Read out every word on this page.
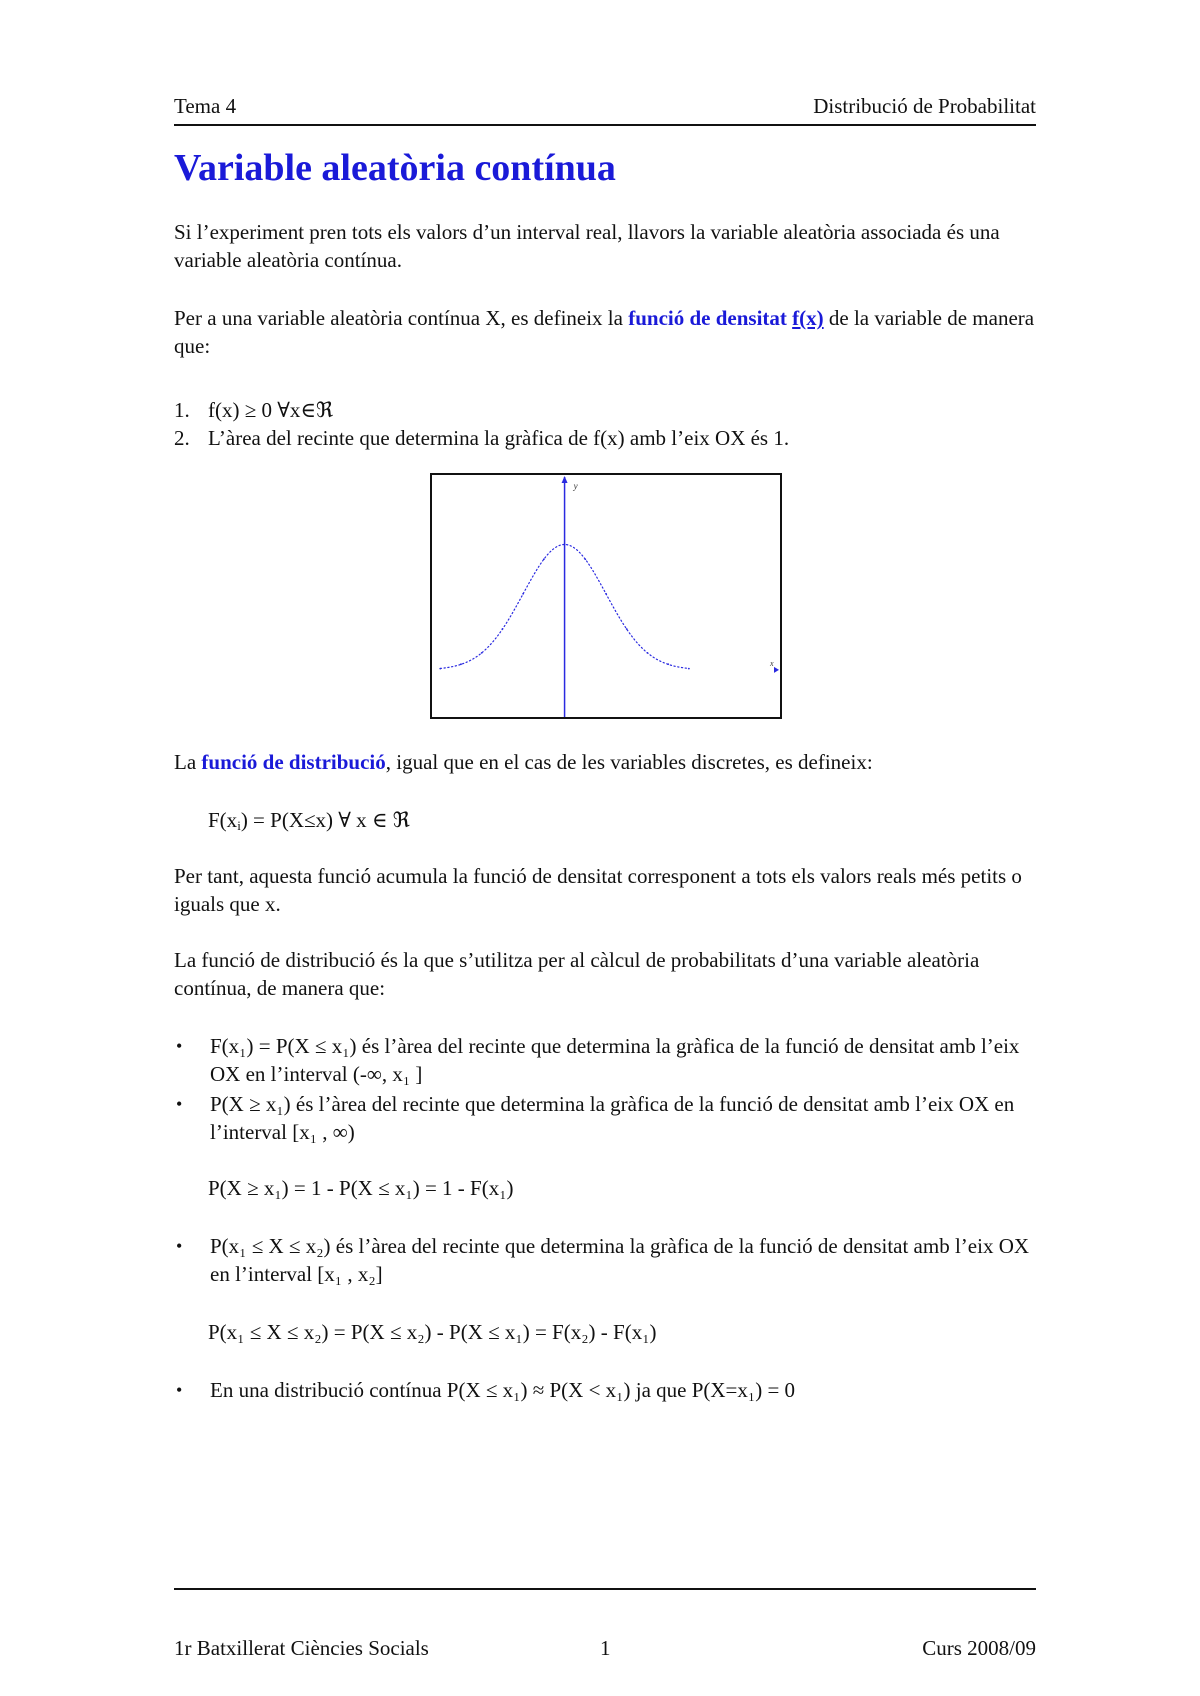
Tema 4	Distribució de Probabilitat
Variable aleatòria contínua

Si l’experiment pren tots els valors d’un interval real, llavors la variable aleatòria associada és una variable aleatòria contínua.

Per a una variable aleatòria contínua X, es defineix la funció de densitat f(x) de la variable de manera que:

1. f(x) ≥ 0 ∀x∈ℜ
2. L’àrea del recinte que determina la gràfica de f(x) amb l’eix OX és 1.
y
x

La funció de distribució, igual que en el cas de les variables discretes, es defineix:

$F(x_i) = P(X\le x)$ ∀ x ∈ ℜ

Per tant, aquesta funció acumula la funció de densitat corresponent a tots els valors reals més petits o iguals que x.

La funció de distribució és la que s’utilitza per al càlcul de probabilitats d’una variable aleatòria contínua, de manera que:

•	F(x₁) = P(X ≤ x₁) és l’àrea del recinte que determina la gràfica de la funció de densitat amb l’eix OX en l’interval (-∞, x₁ ]
•	P(X ≥ x₁) és l’àrea del recinte que determina la gràfica de la funció de densitat amb l’eix OX en l’interval [x₁ , ∞)

P(X ≥ x₁) = 1 - P(X ≤ x₁) = 1 - F(x₁)

•	P(x₁ ≤ X ≤ x₂) és l’àrea del recinte que determina la gràfica de la funció de densitat amb l’eix OX en l’interval [x₁ , x₂]

P(x₁ ≤ X ≤ x₂) = P(X ≤ x₂) - P(X ≤ x₁) = F(x₂) - F(x₁)

•	En una distribució contínua P(X ≤ x₁) ≈ P(X < x₁) ja que P(X=x₁) = 0
1r Batxillerat Ciències Socials	1	Curs 2008/09
